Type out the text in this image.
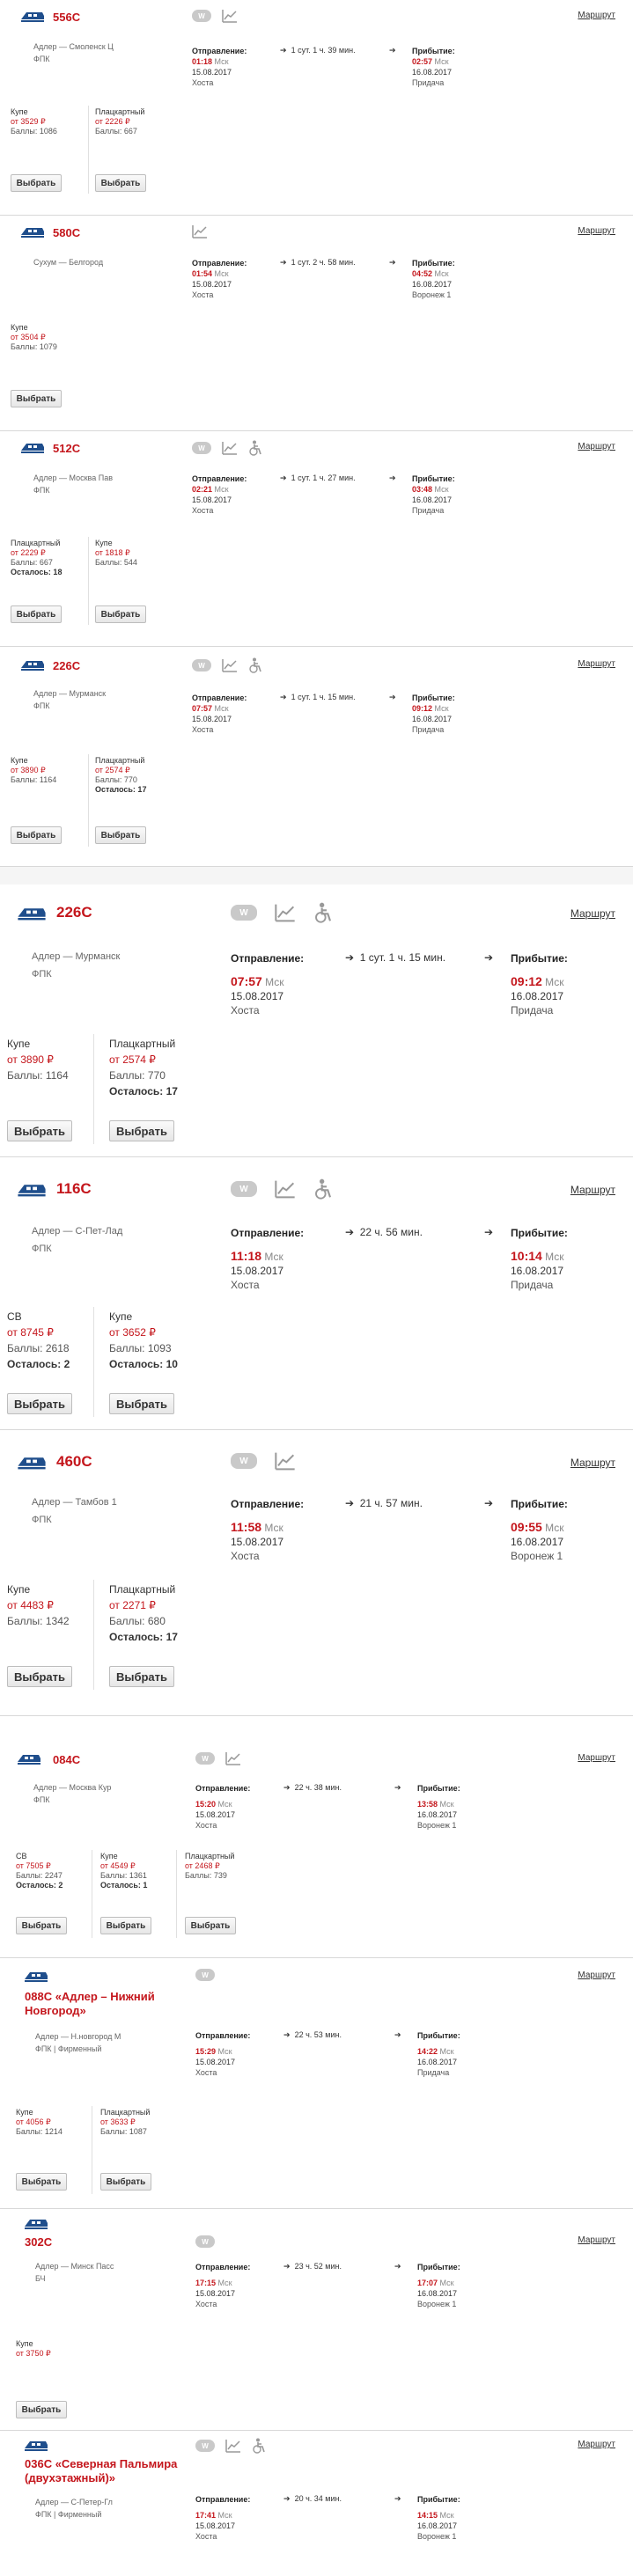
556С
Адлер — Смоленск Ц
ФПК
W	Маршрут
Отправление:
01:18 Мск
15.08.2017
Хоста
➔ 1 сут. 1 ч. 39 мин.	➔ Прибытие:
02:57 Мск
16.08.2017
Придача
Купе
от 3529 ₽
Баллы: 1086
Плацкартный
от 2226 ₽
Баллы: 667
Выбрать	Выбрать
580С
Сухум — Белгород
Маршрут
Отправление:
01:54 Мск
15.08.2017
Хоста
➔ 1 сут. 2 ч. 58 мин.	➔ Прибытие:
04:52 Мск
16.08.2017
Воронеж 1
Купе
от 3504 ₽
Баллы: 1079
Выбрать
512С
Адлер — Москва Пав
ФПК
W	Маршрут
Отправление:
02:21 Мск
15.08.2017
Хоста
➔ 1 сут. 1 ч. 27 мин.	➔ Прибытие:
03:48 Мск
16.08.2017
Придача
Плацкартный
от 2229 ₽
Баллы: 667
Осталось: 18
Купе
от 1818 ₽
Баллы: 544
Выбрать	Выбрать
226С
Адлер — Мурманск
ФПК
W	Маршрут
Отправление:
07:57 Мск
15.08.2017
Хоста
➔ 1 сут. 1 ч. 15 мин.	➔ Прибытие:
09:12 Мск
16.08.2017
Придача
Купе
от 3890 ₽
Баллы: 1164
Плацкартный
от 2574 ₽
Баллы: 770
Осталось: 17
Выбрать	Выбрать
226С
Адлер — Мурманск
ФПК
W	Маршрут
Отправление:
07:57 Мск
15.08.2017
Хоста
➔ 1 сут. 1 ч. 15 мин.	➔ Прибытие:
09:12 Мск
16.08.2017
Придача
Купе
от 3890 ₽
Баллы: 1164
Плацкартный
от 2574 ₽
Баллы: 770
Осталось: 17
Выбрать	Выбрать
116С
Адлер — С-Пет-Лад
ФПК
W	Маршрут
Отправление:
11:18 Мск
15.08.2017
Хоста
➔ 22 ч. 56 мин.	➔ Прибытие:
10:14 Мск
16.08.2017
Придача
СВ
от 8745 ₽
Баллы: 2618
Осталось: 2
Купе
от 3652 ₽
Баллы: 1093
Осталось: 10
Выбрать	Выбрать
460С
Адлер — Тамбов 1
ФПК
W	Маршрут
Отправление:
11:58 Мск
15.08.2017
Хоста
➔ 21 ч. 57 мин.	➔ Прибытие:
09:55 Мск
16.08.2017
Воронеж 1
Купе
от 4483 ₽
Баллы: 1342
Плацкартный
от 2271 ₽
Баллы: 680
Осталось: 17
Выбрать	Выбрать
084С
Адлер — Москва Кур
ФПК
W	Маршрут
Отправление:
15:20 Мск
15.08.2017
Хоста
➔ 22 ч. 38 мин.	➔ Прибытие:
13:58 Мск
16.08.2017
Воронеж 1
СВ
от 7505 ₽
Баллы: 2247
Осталось: 2
Купе
от 4549 ₽
Баллы: 1361
Осталось: 1
Плацкартный
от 2468 ₽
Баллы: 739
Выбрать	Выбрать	Выбрать
088С «Адлер – Нижний Новгород»
Адлер — Н.новгород М
ФПК | Фирменный
W	Маршрут
Отправление:
15:29 Мск
15.08.2017
Хоста
➔ 22 ч. 53 мин.	➔ Прибытие:
14:22 Мск
16.08.2017
Придача
Купе
от 4056 ₽
Баллы: 1214
Плацкартный
от 3633 ₽
Баллы: 1087
Выбрать	Выбрать
302С
Адлер — Минск Пасс
БЧ
W	Маршрут
Отправление:
17:15 Мск
15.08.2017
Хоста
➔ 23 ч. 52 мин.	➔ Прибытие:
17:07 Мск
16.08.2017
Воронеж 1
Купе
от 3750 ₽
Выбрать
036С «Северная Пальмира (двухэтажный)»
Адлер — С-Петер-Гл
ФПК | Фирменный
W	Маршрут
Отправление:
17:41 Мск
15.08.2017
Хоста
➔ 20 ч. 34 мин.	➔ Прибытие:
14:15 Мск
16.08.2017
Воронеж 1
